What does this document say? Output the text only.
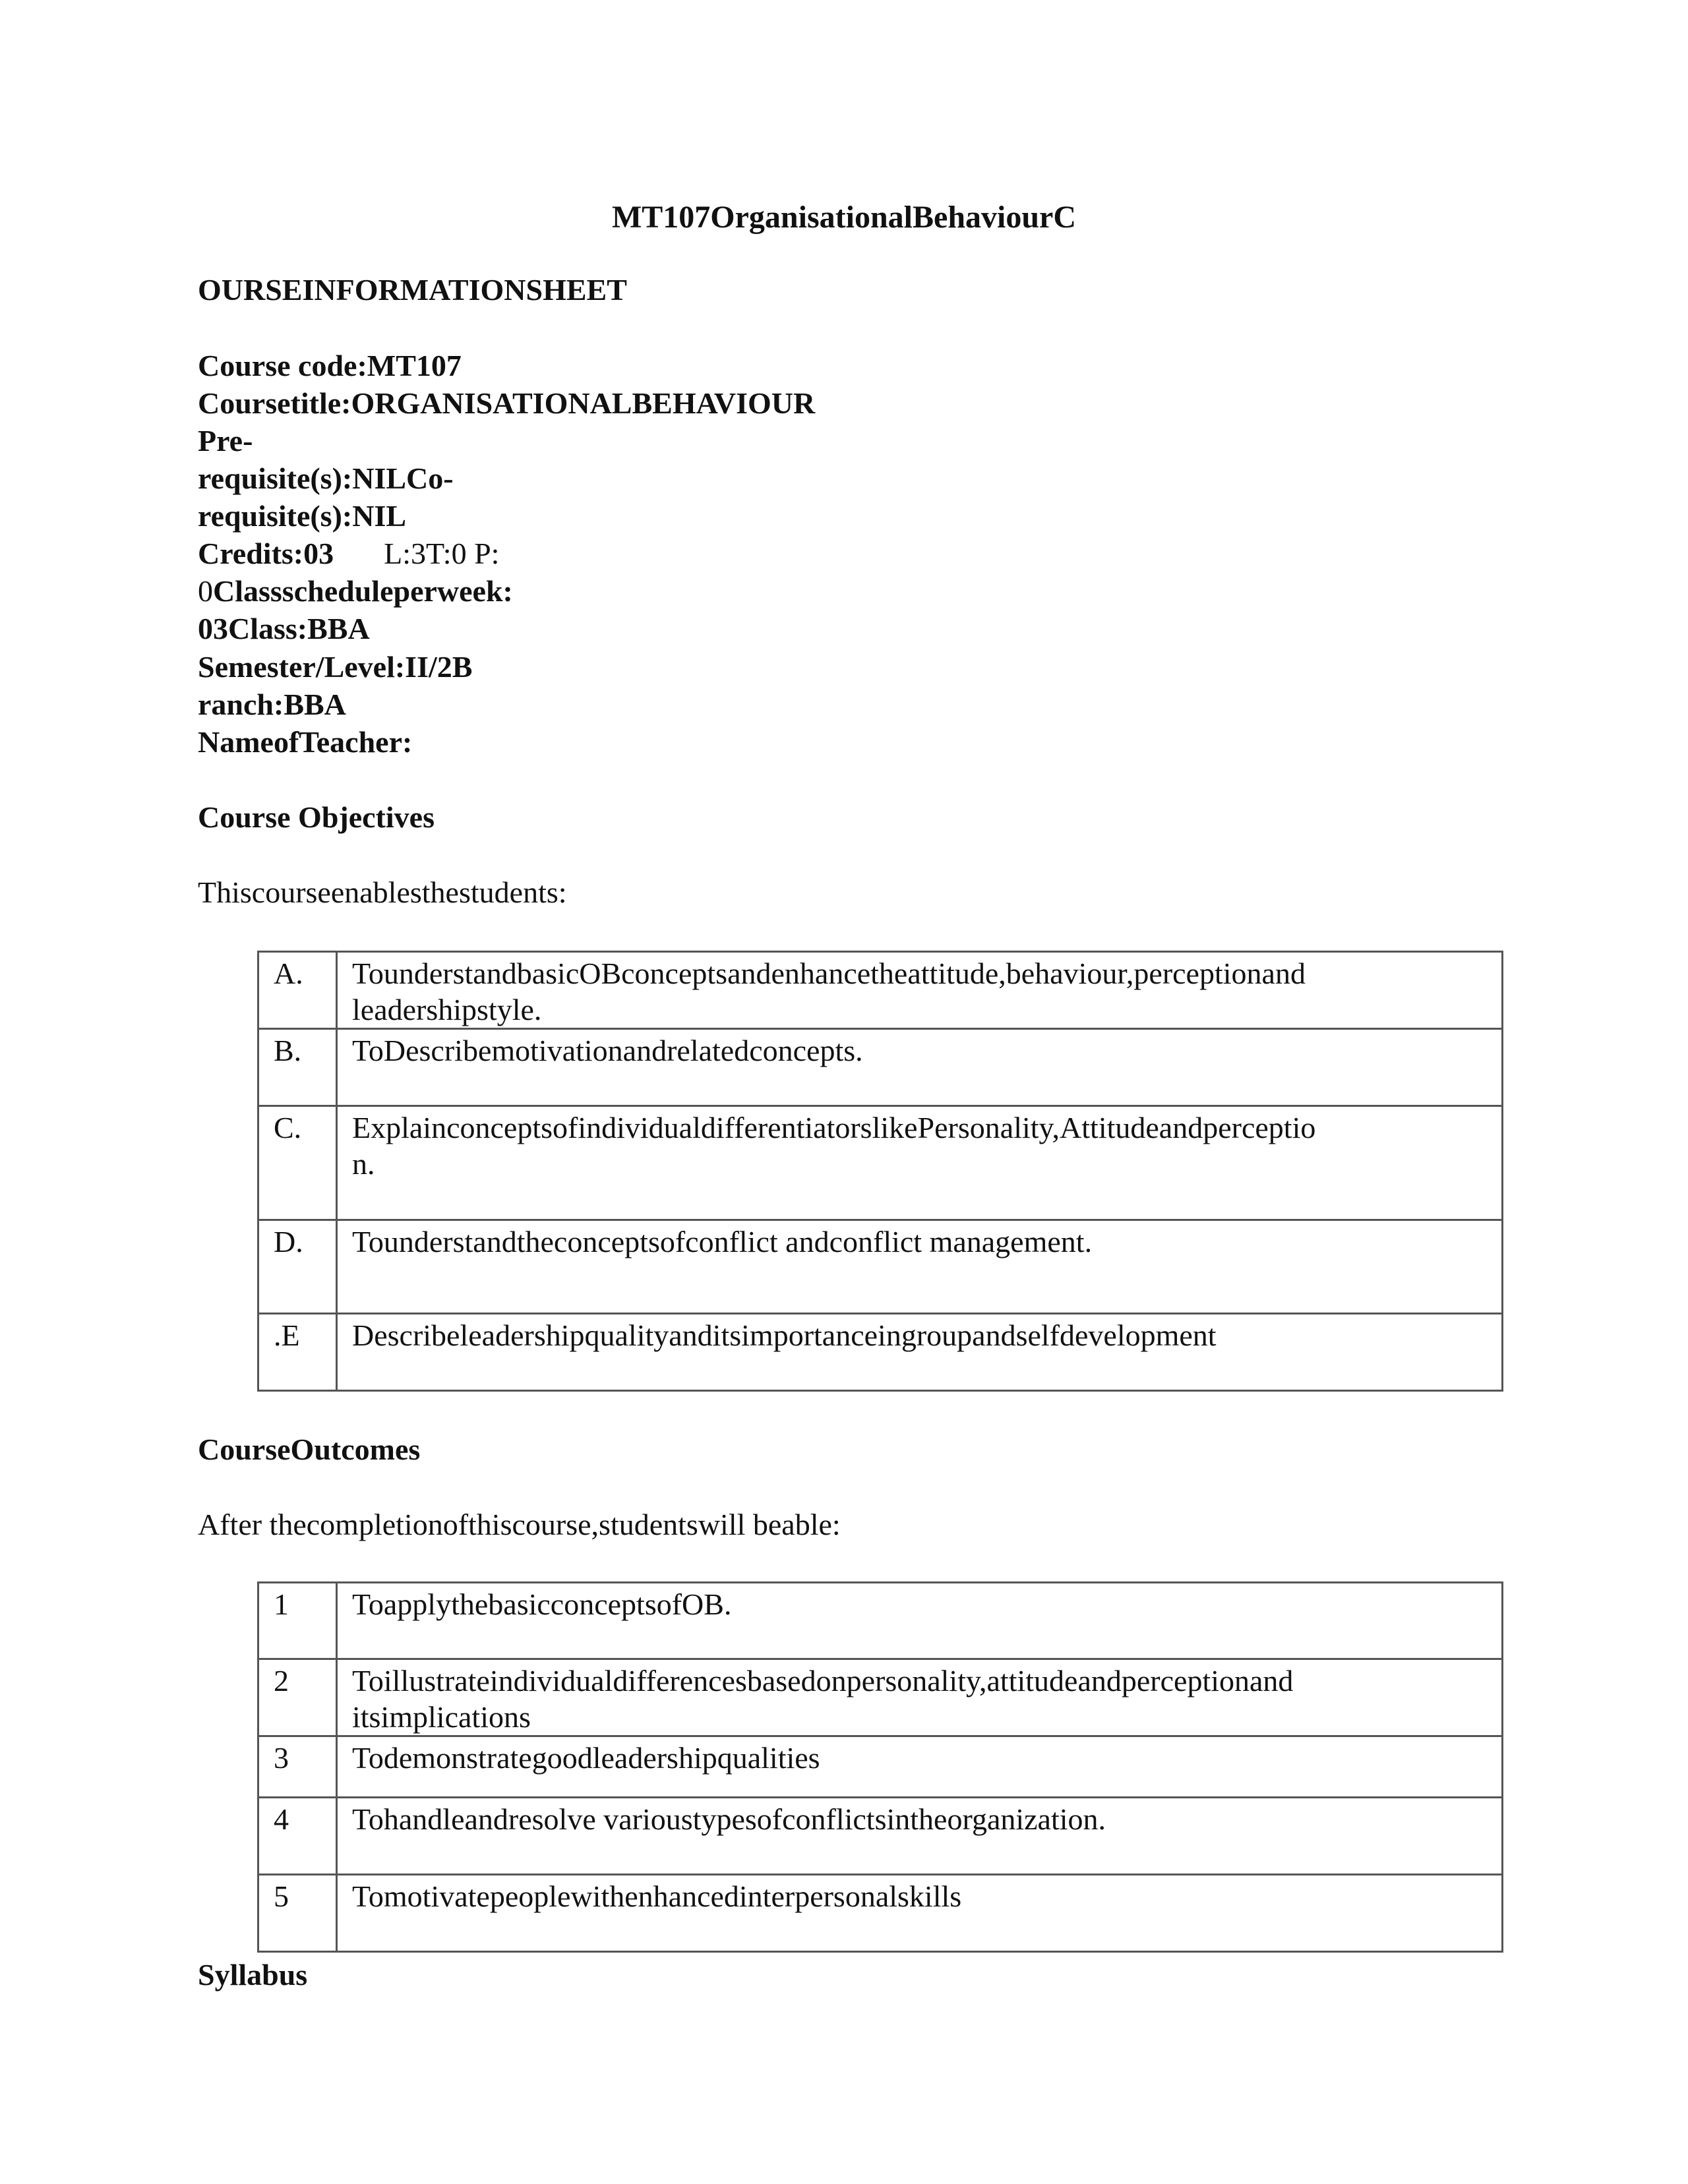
MT107OrganisationalBehaviourC
OURSEINFORMATIONSHEET
Course code:MT107
Coursetitle:ORGANISATIONALBEHAVIOUR
Pre-
requisite(s):NILCo-
requisite(s):NIL
Credits:03 L:3T:0 P:
0Classscheduleperweek:
03Class:BBA
Semester/Level:II/2B
ranch:BBA
NameofTeacher:
Course Objectives
Thiscourseenablesthestudents:
A.	TounderstandbasicOBconceptsandenhancetheattitude,behaviour,perceptionand
leadershipstyle.

B.	ToDescribemotivationandrelatedconcepts.

C.	ExplainconceptsofindividualdifferentiatorslikePersonality,Attitudeandperceptio
n.

D.	Tounderstandtheconceptsofconflict andconflict management.

.E	Describeleadershipqualityanditsimportanceingroupandselfdevelopment
CourseOutcomes
After thecompletionofthiscourse,studentswill beable:
1	ToapplythebasicconceptsofOB.

2	Toillustrateindividualdifferencesbasedonpersonality,attitudeandperceptionand
itsimplications

3	Todemonstrategoodleadershipqualities

4	Tohandleandresolve varioustypesofconflictsintheorganization.

5	Tomotivatepeoplewithenhancedinterpersonalskills
Syllabus
